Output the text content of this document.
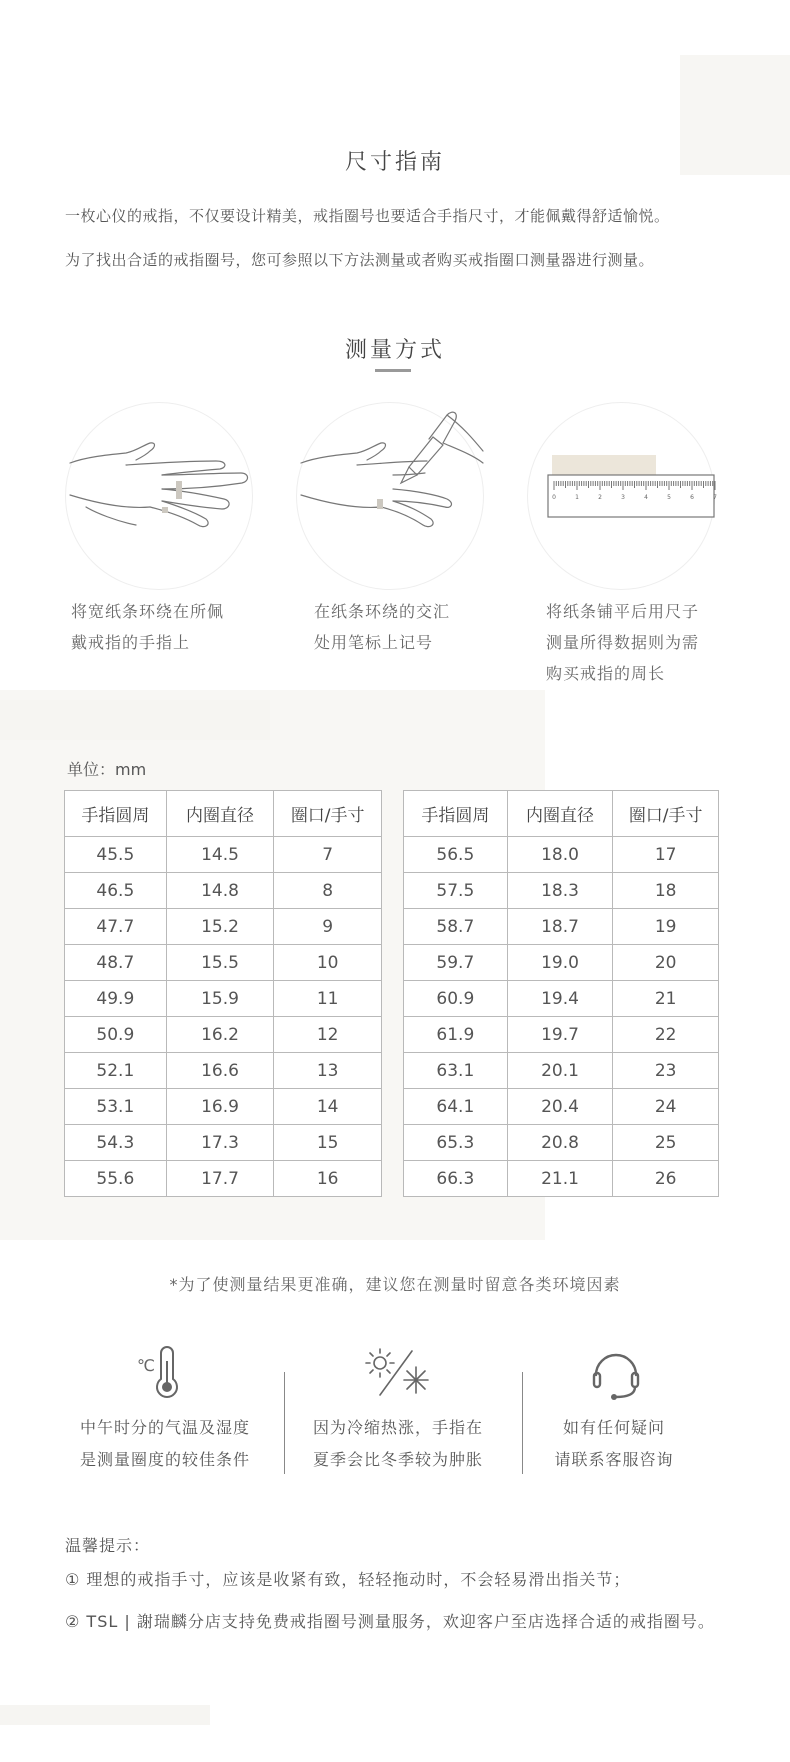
尺寸指南
一枚心仪的戒指，不仅要设计精美，戒指圈号也要适合手指尺寸，才能佩戴得舒适愉悦。
为了找出合适的戒指圈号，您可参照以下方法测量或者购买戒指圈口测量器进行测量。
测量方式
0	1	2	3	4	5	6	7
将宽纸条环绕在所佩
戴戒指的手指上
在纸条环绕的交汇
处用笔标上记号
将纸条铺平后用尺子
测量所得数据则为需
购买戒指的周长
单位：mm
手指圆周	内圈直径	圈口/手寸
45.5	14.5	7
46.5	14.8	8
47.7	15.2	9
48.7	15.5	10
49.9	15.9	11
50.9	16.2	12
52.1	16.6	13
53.1	16.9	14
54.3	17.3	15
55.6	17.7	16
手指圆周	内圈直径	圈口/手寸
56.5	18.0	17
57.5	18.3	18
58.7	18.7	19
59.7	19.0	20
60.9	19.4	21
61.9	19.7	22
63.1	20.1	23
64.1	20.4	24
65.3	20.8	25
66.3	21.1	26
*为了使测量结果更准确，建议您在测量时留意各类环境因素
℃
中午时分的气温及湿度
是测量圈度的较佳条件
因为冷缩热涨，手指在
夏季会比冬季较为肿胀
如有任何疑问
请联系客服咨询
温馨提示：
① 理想的戒指手寸，应该是收紧有致，轻轻拖动时，不会轻易滑出指关节；
② TSL | 謝瑞麟分店支持免费戒指圈号测量服务，欢迎客户至店选择合适的戒指圈号。
